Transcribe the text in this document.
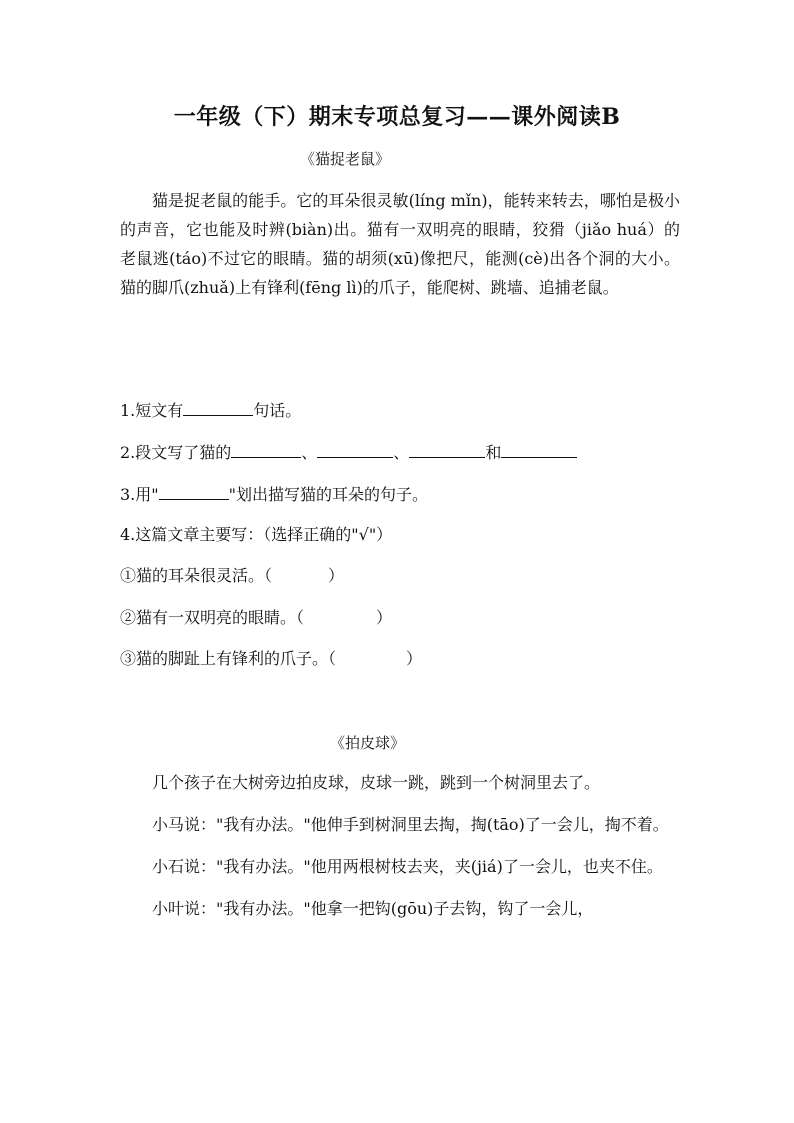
一年级（下）期末专项总复习——课外阅读B
《猫捉老鼠》

猫是捉老鼠的能手。它的耳朵很灵敏(líng mǐn)，能转来转去，哪怕是极小的声音，它也能及时辨(biàn)出。猫有一双明亮的眼睛，狡猾（jiǎo huá）的老鼠逃(táo)不过它的眼睛。猫的胡须(xū)像把尺，能测(cè)出各个洞的大小。猫的脚爪(zhuǎ)上有锋利(fēng lì)的爪子，能爬树、跳墙、追捕老鼠。

1.短文有	句话。
2.段文写了猫的	、	、	和
3.用"	"划出描写猫的耳朵的句子。
4.这篇文章主要写：（选择正确的"√"）
①猫的耳朵很灵活。（	）
②猫有一双明亮的眼睛。（	）
③猫的脚趾上有锋利的爪子。（	）
《拍皮球》

几个孩子在大树旁边拍皮球，皮球一跳，跳到一个树洞里去了。

小马说："我有办法。"他伸手到树洞里去掏，掏(tāo)了一会儿，掏不着。

小石说："我有办法。"他用两根树枝去夹，夹(jiá)了一会儿，也夹不住。

小叶说："我有办法。"他拿一把钩(gōu)子去钩，钩了一会儿，
